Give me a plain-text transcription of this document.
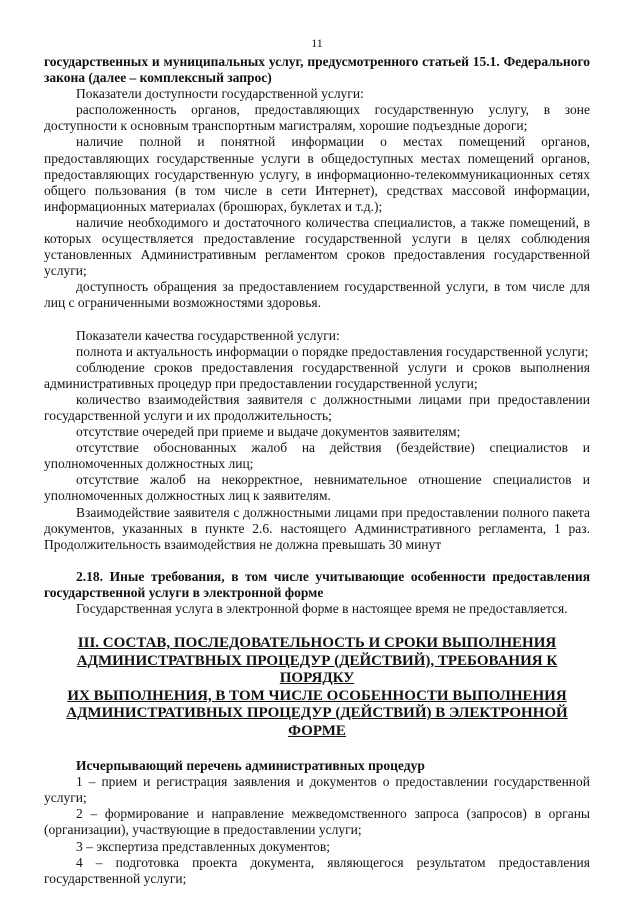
11

государственных и муниципальных услуг, предусмотренного статьей 15.1. Федерального закона (далее – комплексный запрос)

Показатели доступности государственной услуги:

расположенность органов, предоставляющих государственную услугу, в зоне доступности к основным транспортным магистралям, хорошие подъездные дороги;

наличие полной и понятной информации о местах помещений органов, предоставляющих государственные услуги в общедоступных местах помещений органов, предоставляющих государственную услугу, в информационно-телекоммуникационных сетях общего пользования (в том числе в сети Интернет), средствах массовой информации, информационных материалах (брошюрах, буклетах и т.д.);

наличие необходимого и достаточного количества специалистов, а также помещений, в которых осуществляется предоставление государственной услуги в целях соблюдения установленных Административным регламентом сроков предоставления государственной услуги;

доступность обращения за предоставлением государственной услуги, в том числе для лиц с ограниченными возможностями здоровья.

Показатели качества государственной услуги:

полнота и актуальность информации о порядке предоставления государственной услуги;

соблюдение сроков предоставления государственной услуги и сроков выполнения административных процедур при предоставлении государственной услуги;

количество взаимодействия заявителя с должностными лицами при предоставлении государственной услуги и их продолжительность;

отсутствие очередей при приеме и выдаче документов заявителям;

отсутствие обоснованных жалоб на действия (бездействие) специалистов и уполномоченных должностных лиц;

отсутствие жалоб на некорректное, невнимательное отношение специалистов и уполномоченных должностных лиц к заявителям.

Взаимодействие заявителя с должностными лицами при предоставлении полного пакета документов, указанных в пункте 2.6. настоящего Административного регламента, 1 раз. Продолжительность взаимодействия не должна превышать 30 минут

2.18. Иные требования, в том числе учитывающие особенности предоставления государственной услуги в электронной форме

Государственная услуга в электронной форме в настоящее время не предоставляется.

III. СОСТАВ, ПОСЛЕДОВАТЕЛЬНОСТЬ И СРОКИ ВЫПОЛНЕНИЯ
АДМИНИСТРАТВНЫХ ПРОЦЕДУР (ДЕЙСТВИЙ), ТРЕБОВАНИЯ К ПОРЯДКУ
ИХ ВЫПОЛНЕНИЯ, В ТОМ ЧИСЛЕ ОСОБЕННОСТИ ВЫПОЛНЕНИЯ
АДМИНИСТРАТИВНЫХ ПРОЦЕДУР (ДЕЙСТВИЙ) В ЭЛЕКТРОННОЙ ФОРМЕ

Исчерпывающий перечень административных процедур

1 – прием и регистрация заявления и документов о предоставлении государственной услуги;

2 – формирование и направление межведомственного запроса (запросов) в органы (организации), участвующие в предоставлении услуги;

3 – экспертиза представленных документов;

4 – подготовка проекта документа, являющегося результатом предоставления государственной услуги;
